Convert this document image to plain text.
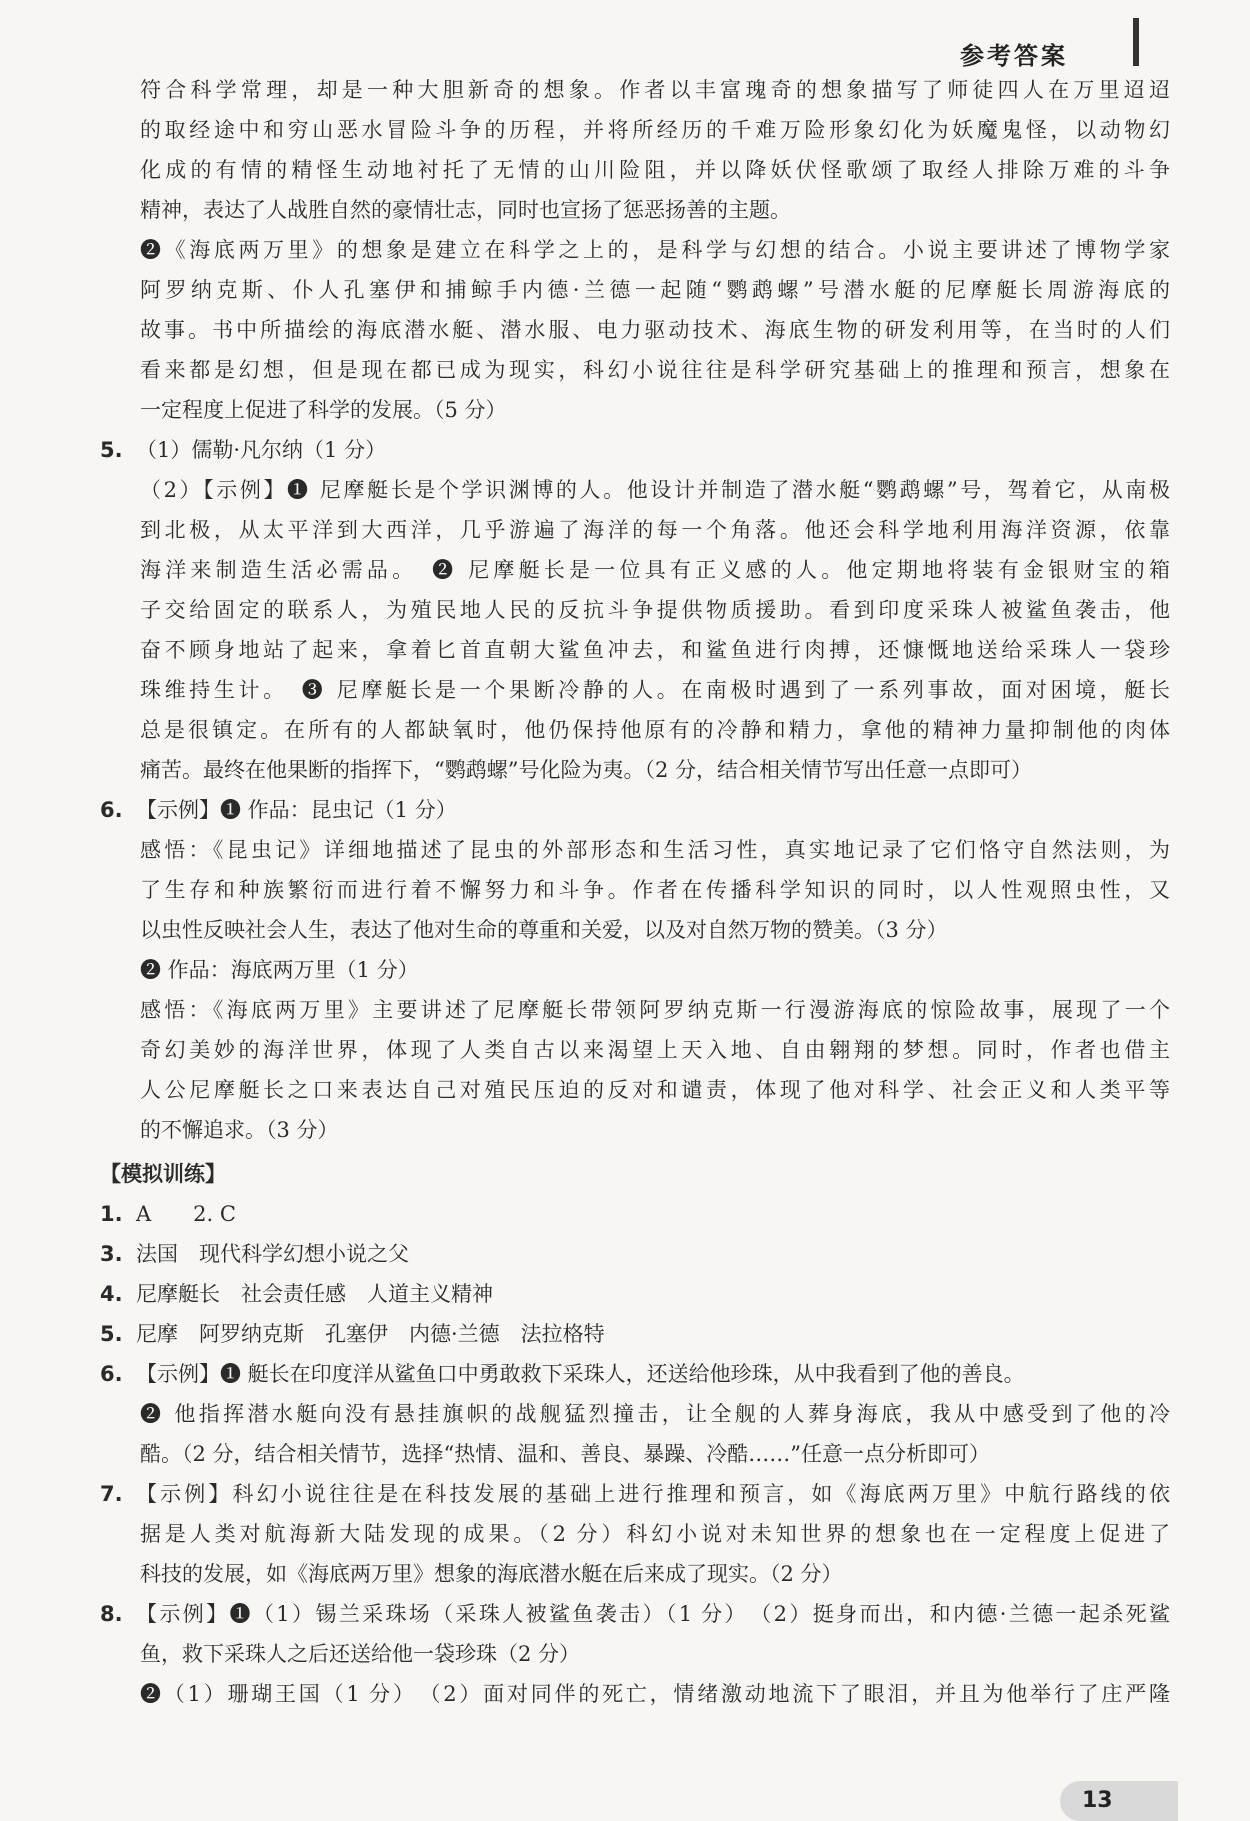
参考答案
符合科学常理，却是一种大胆新奇的想象。作者以丰富瑰奇的想象描写了师徒四人在万里迢迢
的取经途中和穷山恶水冒险斗争的历程，并将所经历的千难万险形象幻化为妖魔鬼怪，以动物幻
化成的有情的精怪生动地衬托了无情的山川险阻，并以降妖伏怪歌颂了取经人排除万难的斗争
精神，表达了人战胜自然的豪情壮志，同时也宣扬了惩恶扬善的主题。
❷《海底两万里》的想象是建立在科学之上的，是科学与幻想的结合。小说主要讲述了博物学家
阿罗纳克斯、仆人孔塞伊和捕鲸手内德·兰德一起随“鹦鹉螺”号潜水艇的尼摩艇长周游海底的
故事。书中所描绘的海底潜水艇、潜水服、电力驱动技术、海底生物的研发利用等，在当时的人们
看来都是幻想，但是现在都已成为现实，科幻小说往往是科学研究基础上的推理和预言，想象在
一定程度上促进了科学的发展。（5 分）
5. （1）儒勒·凡尔纳（1 分）
（2）【示例】❶ 尼摩艇长是个学识渊博的人。他设计并制造了潜水艇“鹦鹉螺”号，驾着它，从南极
到北极，从太平洋到大西洋，几乎游遍了海洋的每一个角落。他还会科学地利用海洋资源，依靠
海洋来制造生活必需品。　❷ 尼摩艇长是一位具有正义感的人。他定期地将装有金银财宝的箱
子交给固定的联系人，为殖民地人民的反抗斗争提供物质援助。看到印度采珠人被鲨鱼袭击，他
奋不顾身地站了起来，拿着匕首直朝大鲨鱼冲去，和鲨鱼进行肉搏，还慷慨地送给采珠人一袋珍
珠维持生计。　❸ 尼摩艇长是一个果断冷静的人。在南极时遇到了一系列事故，面对困境，艇长
总是很镇定。在所有的人都缺氧时，他仍保持他原有的冷静和精力，拿他的精神力量抑制他的肉体
痛苦。最终在他果断的指挥下，“鹦鹉螺”号化险为夷。（2 分，结合相关情节写出任意一点即可）
6. 【示例】❶ 作品：昆虫记（1 分）
感悟：《昆虫记》详细地描述了昆虫的外部形态和生活习性，真实地记录了它们恪守自然法则，为
了生存和种族繁衍而进行着不懈努力和斗争。作者在传播科学知识的同时，以人性观照虫性，又
以虫性反映社会人生，表达了他对生命的尊重和关爱，以及对自然万物的赞美。（3 分）
❷ 作品：海底两万里（1 分）
感悟：《海底两万里》主要讲述了尼摩艇长带领阿罗纳克斯一行漫游海底的惊险故事，展现了一个
奇幻美妙的海洋世界，体现了人类自古以来渴望上天入地、自由翱翔的梦想。同时，作者也借主
人公尼摩艇长之口来表达自己对殖民压迫的反对和谴责，体现了他对科学、社会正义和人类平等
的不懈追求。（3 分）
【模拟训练】
1. A　　2. C
3. 法国　现代科学幻想小说之父
4. 尼摩艇长　社会责任感　人道主义精神
5. 尼摩　阿罗纳克斯　孔塞伊　内德·兰德　法拉格特
6. 【示例】❶ 艇长在印度洋从鲨鱼口中勇敢救下采珠人，还送给他珍珠，从中我看到了他的善良。
❷ 他指挥潜水艇向没有悬挂旗帜的战舰猛烈撞击，让全舰的人葬身海底，我从中感受到了他的冷
酷。（2 分，结合相关情节，选择“热情、温和、善良、暴躁、冷酷……”任意一点分析即可）
7. 【示例】科幻小说往往是在科技发展的基础上进行推理和预言，如《海底两万里》中航行路线的依
据是人类对航海新大陆发现的成果。（2 分）科幻小说对未知世界的想象也在一定程度上促进了
科技的发展，如《海底两万里》想象的海底潜水艇在后来成了现实。（2 分）
8. 【示例】❶（1）锡兰采珠场（采珠人被鲨鱼袭击）（1 分）　（2）挺身而出，和内德·兰德一起杀死鲨
鱼，救下采珠人之后还送给他一袋珍珠（2 分）
❷（1）珊瑚王国（1 分）　（2）面对同伴的死亡，情绪激动地流下了眼泪，并且为他举行了庄严隆
13
